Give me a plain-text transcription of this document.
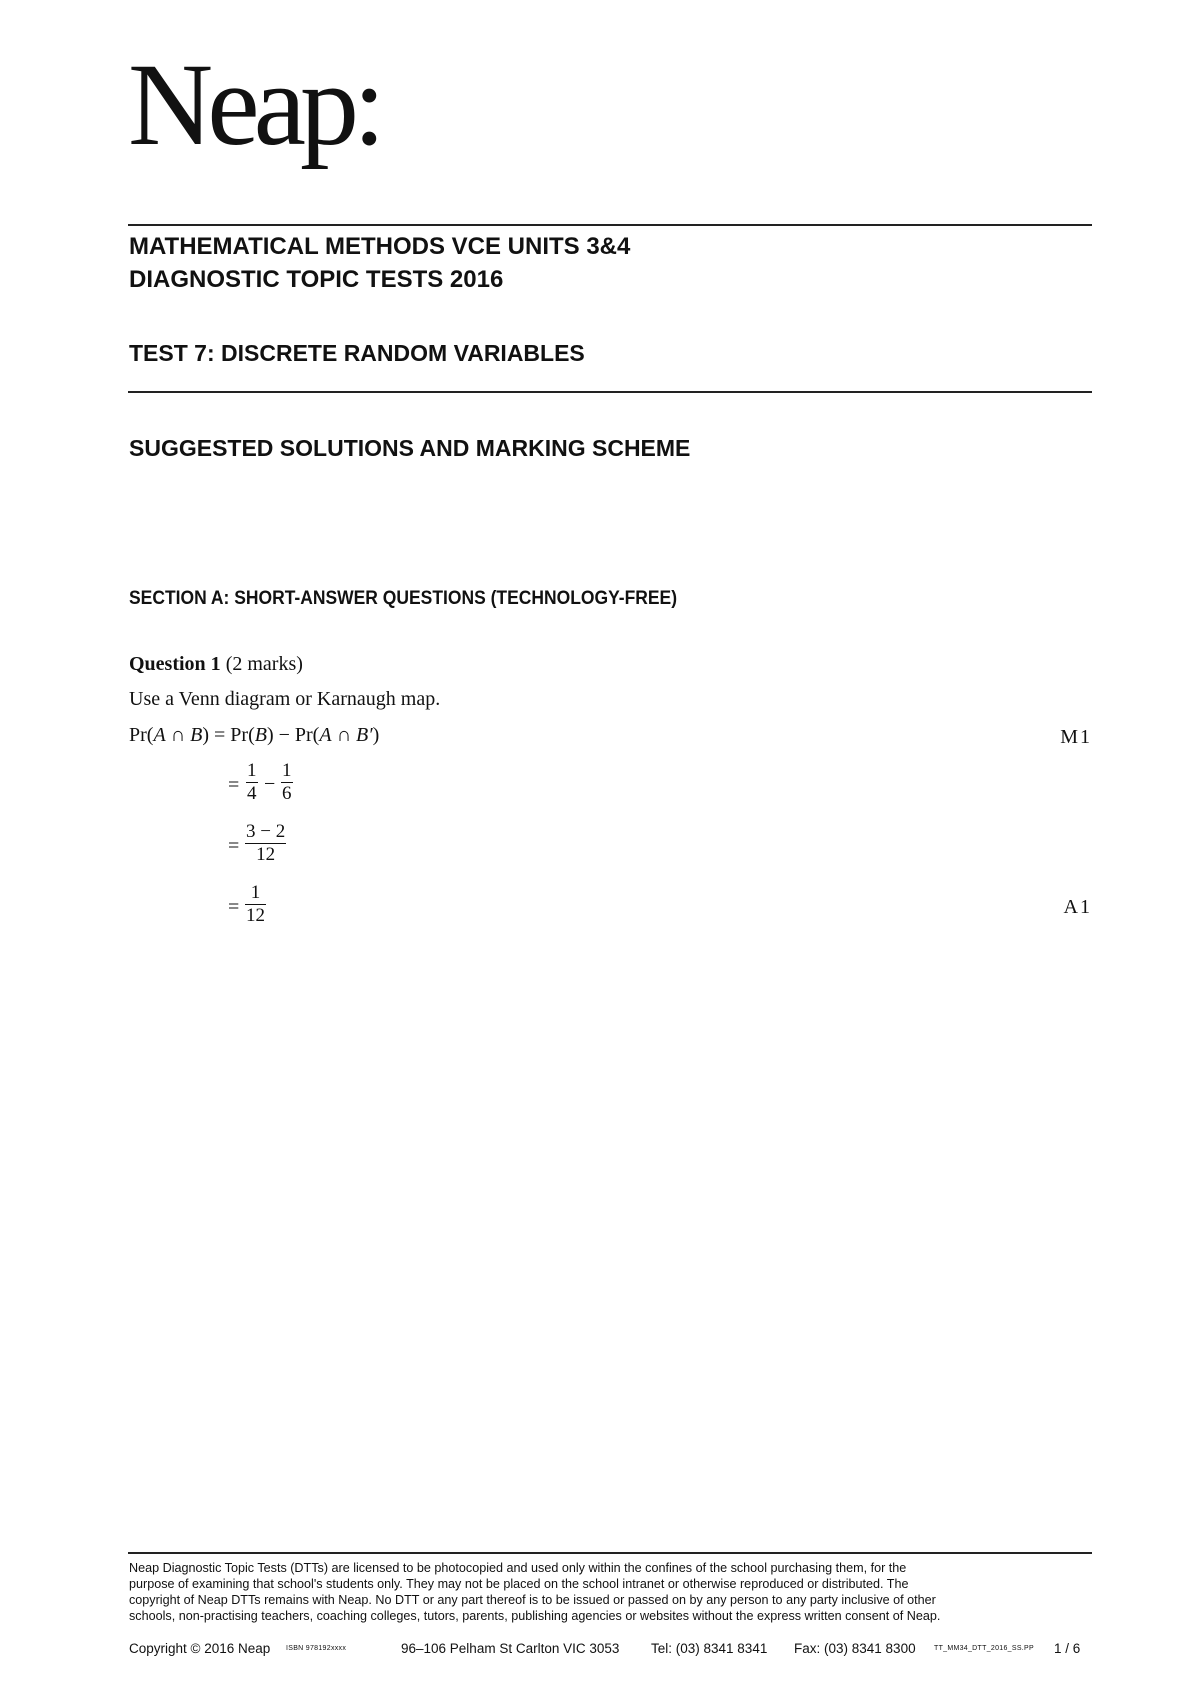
Neap:
MATHEMATICAL METHODS VCE UNITS 3&4
DIAGNOSTIC TOPIC TESTS 2016
TEST 7: DISCRETE RANDOM VARIABLES
SUGGESTED SOLUTIONS AND MARKING SCHEME
SECTION A: SHORT-ANSWER QUESTIONS (TECHNOLOGY-FREE)
Question 1 (2 marks)
Use a Venn diagram or Karnaugh map.
Pr(A ∩ B) = Pr(B) − Pr(A ∩ B′)	M1
=
1
4 −
1
6
=
3 − 2
12
=
1
12	A1
Neap Diagnostic Topic Tests (DTTs) are licensed to be photocopied and used only within the confines of the school purchasing them, for the
purpose of examining that school's students only. They may not be placed on the school intranet or otherwise reproduced or distributed. The
copyright of Neap DTTs remains with Neap. No DTT or any part thereof is to be issued or passed on by any person to any party inclusive of other
schools, non-practising teachers, coaching colleges, tutors, parents, publishing agencies or websites without the express written consent of Neap.
Copyright © 2016 Neap ISBN 978192xxxx	96–106 Pelham St Carlton VIC 3053 Tel: (03) 8341 8341 Fax: (03) 8341 8300	TT_MM34_DTT_2016_SS.PP 1 / 6
